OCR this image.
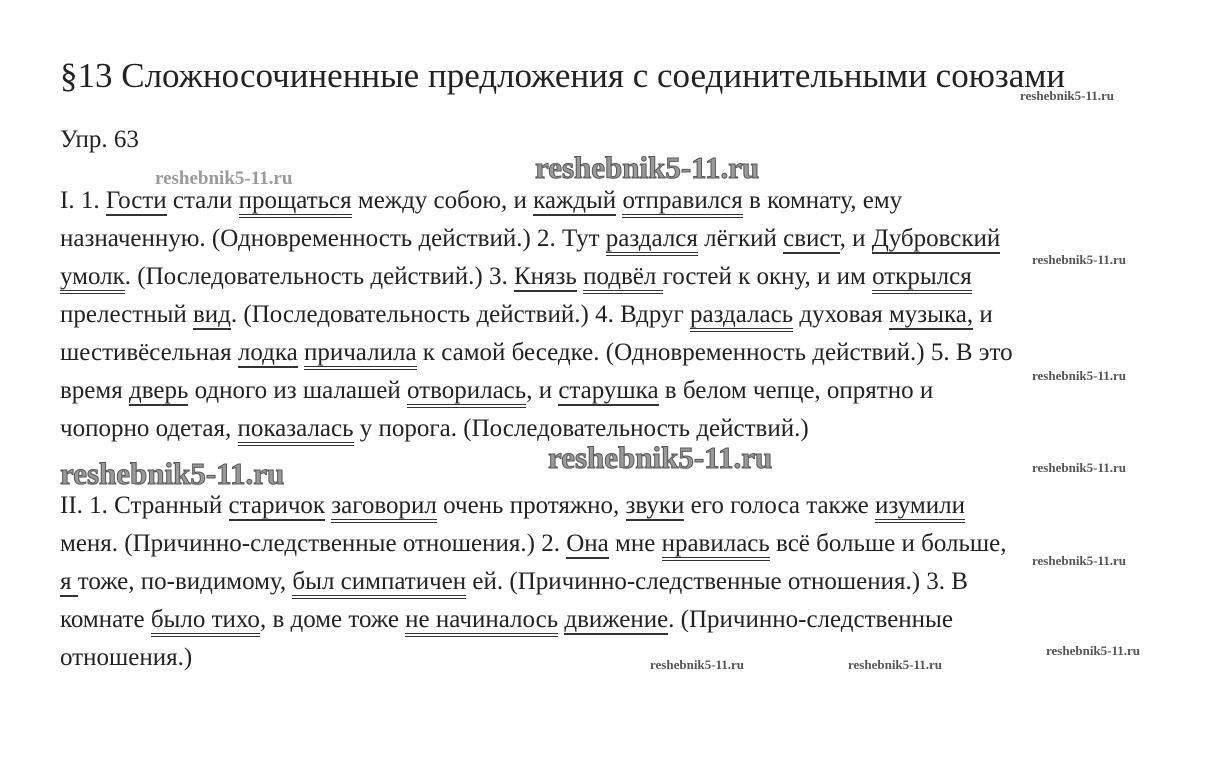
§13 Сложносочиненные предложения с соединительными союзами
Упр. 63
I. 1. Гости стали прощаться между собою, и каждый отправился в комнату, ему
назначенную. (Одновременность действий.) 2. Тут раздался лёгкий свист, и Дубровский
умолк. (Последовательность действий.) 3. Князь подвёл гостей к окну, и им открылся
прелестный вид. (Последовательность действий.) 4. Вдруг раздалась духовая музыка, и
шестивёсельная лодка причалила к самой беседке. (Одновременность действий.) 5. В это
время дверь одного из шалашей отворилась, и старушка в белом чепце, опрятно и
чопорно одетая, показалась у порога. (Последовательность действий.)
II. 1. Странный старичок заговорил очень протяжно, звуки его голоса также изумили
меня. (Причинно-следственные отношения.) 2. Она мне нравилась всё больше и больше,
я тоже, по-видимому, был симпатичен ей. (Причинно-следственные отношения.) 3. В
комнате было тихо, в доме тоже не начиналось движение. (Причинно-следственные
отношения.)
reshebnik5-11.ru
reshebnik5-11.ru	reshebnik5-11.ru
reshebnik5-11.ru
reshebnik5-11.ru
reshebnik5-11.ru	reshebnik5-11.ru	reshebnik5-11.ru
reshebnik5-11.ru
reshebnik5-11.ru
reshebnik5-11.ru	reshebnik5-11.ru
